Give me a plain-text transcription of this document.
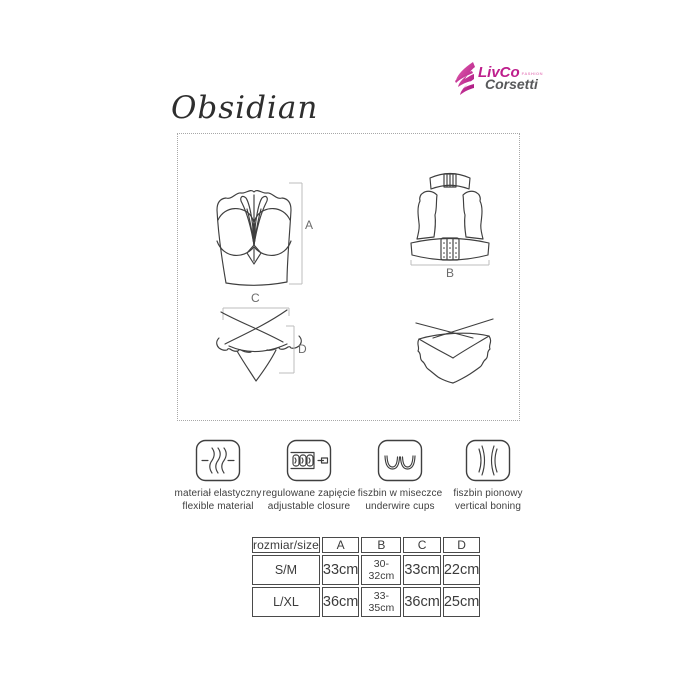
LivCo FASHION
Corsetti
Obsidian
A
B
C
D
materiał elastyczny
flexible material
regulowane zapięcie
adjustable closure
fiszbin w miseczce
underwire cups
fiszbin pionowy
vertical boning
rozmiar/size	A	B	C	D
S/M	33cm	30-32cm	33cm	22cm
L/XL	36cm	33-35cm	36cm	25cm
